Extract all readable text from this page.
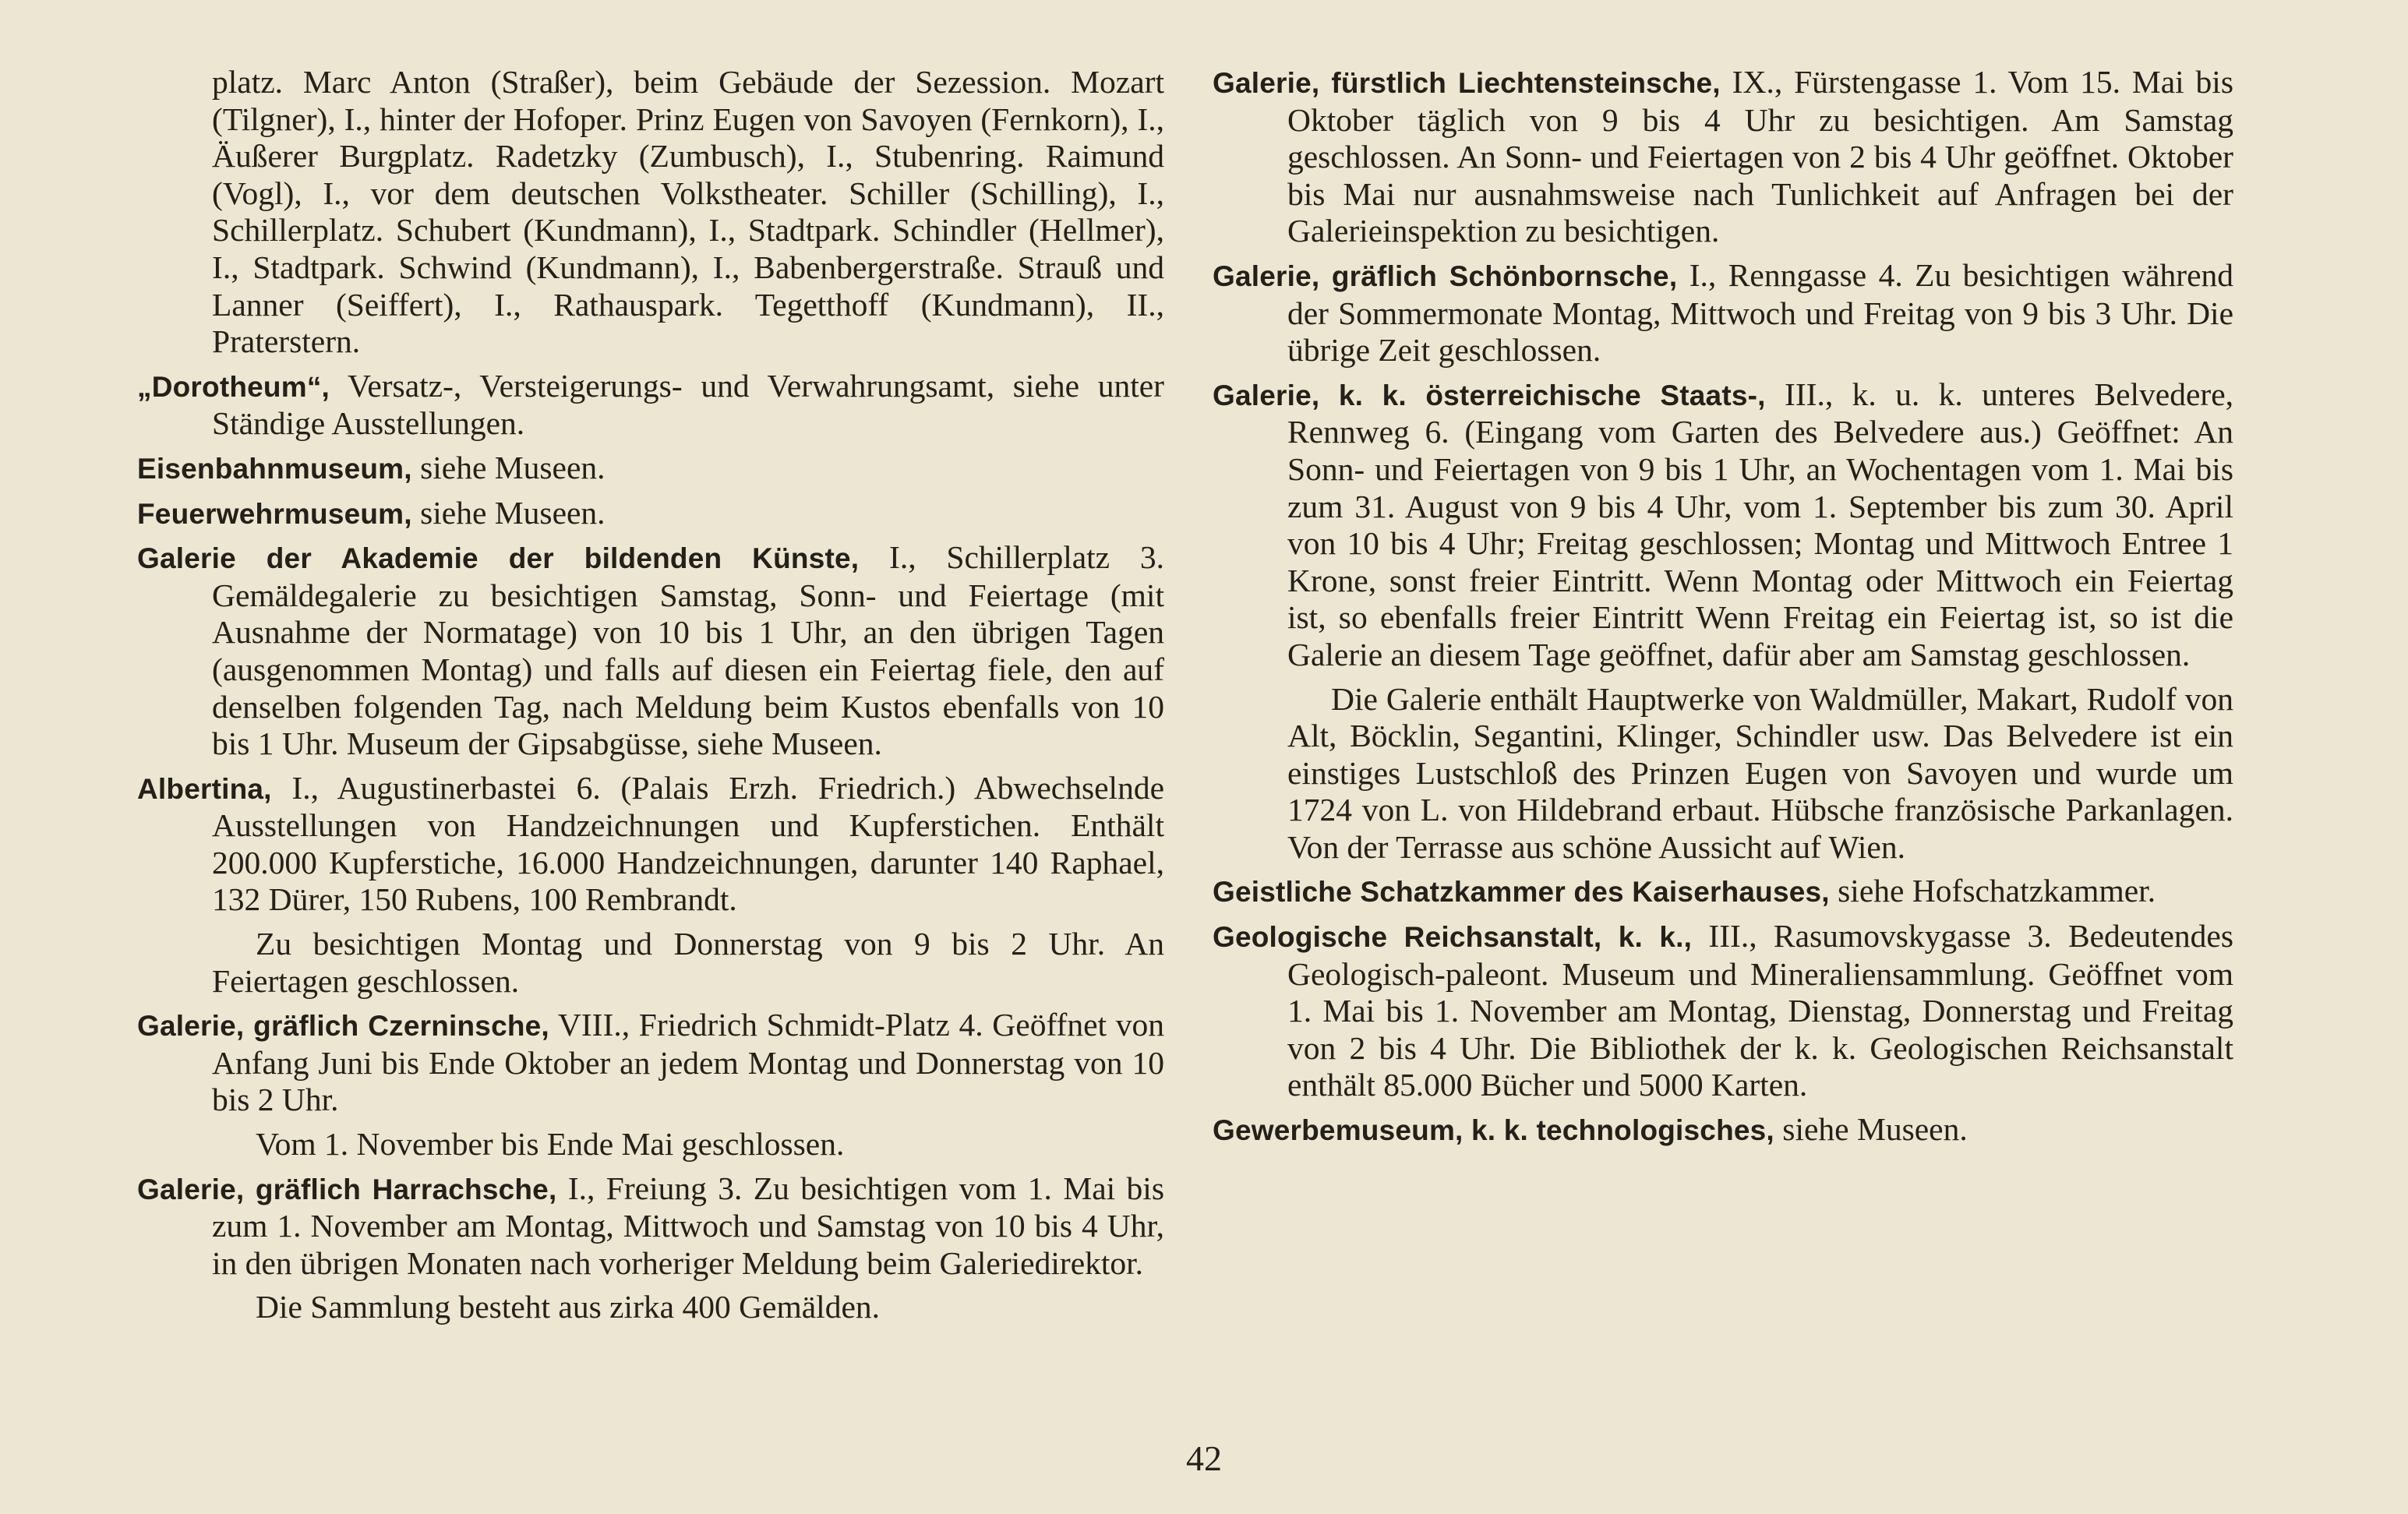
platz. Marc Anton (Straßer), beim Gebäude der Sezession. Mozart (Tilgner), I., hinter der Hofoper. Prinz Eugen von Savoyen (Fernkorn), I., Äußerer Burgplatz. Radetzky (Zumbusch), I., Stubenring. Raimund (Vogl), I., vor dem deutschen Volkstheater. Schiller (Schilling), I., Schillerplatz. Schubert (Kundmann), I., Stadtpark. Schindler (Hellmer), I., Stadtpark. Schwind (Kundmann), I., Babenbergerstraße. Strauß und Lanner (Seiffert), I., Rathauspark. Tegetthoff (Kundmann), II., Praterstern.

„Dorotheum“, Versatz-, Versteigerungs- und Verwahrungsamt, siehe unter Ständige Ausstellungen.

Eisenbahnmuseum, siehe Museen.

Feuerwehrmuseum, siehe Museen.

Galerie der Akademie der bildenden Künste, I., Schillerplatz 3. Gemäldegalerie zu besichtigen Samstag, Sonn- und Feiertage (mit Ausnahme der Normatage) von 10 bis 1 Uhr, an den übrigen Tagen (ausgenommen Montag) und falls auf diesen ein Feiertag fiele, den auf denselben folgenden Tag, nach Meldung beim Kustos ebenfalls von 10 bis 1 Uhr. Museum der Gipsabgüsse, siehe Museen.

Albertina, I., Augustinerbastei 6. (Palais Erzh. Friedrich.) Abwechselnde Ausstellungen von Handzeichnungen und Kupferstichen. Enthält 200.000 Kupferstiche, 16.000 Handzeichnungen, darunter 140 Raphael, 132 Dürer, 150 Rubens, 100 Rembrandt.

Zu besichtigen Montag und Donnerstag von 9 bis 2 Uhr. An Feiertagen geschlossen.

Galerie, gräflich Czerninsche, VIII., Friedrich Schmidt-Platz 4. Geöffnet von Anfang Juni bis Ende Oktober an jedem Montag und Donnerstag von 10 bis 2 Uhr.

Vom 1. November bis Ende Mai geschlossen.

Galerie, gräflich Harrachsche, I., Freiung 3. Zu besichtigen vom 1. Mai bis zum 1. November am Montag, Mittwoch und Samstag von 10 bis 4 Uhr, in den übrigen Monaten nach vorheriger Meldung beim Galeriedirektor.

Die Sammlung besteht aus zirka 400 Gemälden.

Galerie, fürstlich Liechtensteinsche, IX., Fürstengasse 1. Vom 15. Mai bis Oktober täglich von 9 bis 4 Uhr zu besichtigen. Am Samstag geschlossen. An Sonn- und Feiertagen von 2 bis 4 Uhr geöffnet. Oktober bis Mai nur ausnahmsweise nach Tunlichkeit auf Anfragen bei der Galerieinspektion zu besichtigen.

Galerie, gräflich Schönbornsche, I., Renngasse 4. Zu besichtigen während der Sommermonate Montag, Mittwoch und Freitag von 9 bis 3 Uhr. Die übrige Zeit geschlossen.

Galerie, k. k. österreichische Staats-, III., k. u. k. unteres Belvedere, Rennweg 6. (Eingang vom Garten des Belvedere aus.) Geöffnet: An Sonn- und Feiertagen von 9 bis 1 Uhr, an Wochentagen vom 1. Mai bis zum 31. August von 9 bis 4 Uhr, vom 1. September bis zum 30. April von 10 bis 4 Uhr; Freitag geschlossen; Montag und Mittwoch Entree 1 Krone, sonst freier Eintritt. Wenn Montag oder Mittwoch ein Feiertag ist, so ebenfalls freier Eintritt Wenn Freitag ein Feiertag ist, so ist die Galerie an diesem Tage geöffnet, dafür aber am Samstag geschlossen.

Die Galerie enthält Hauptwerke von Waldmüller, Makart, Rudolf von Alt, Böcklin, Segantini, Klinger, Schindler usw. Das Belvedere ist ein einstiges Lustschloß des Prinzen Eugen von Savoyen und wurde um 1724 von L. von Hildebrand erbaut. Hübsche französische Parkanlagen. Von der Terrasse aus schöne Aussicht auf Wien.

Geistliche Schatzkammer des Kaiserhauses, siehe Hofschatzkammer.

Geologische Reichsanstalt, k. k., III., Rasumovskygasse 3. Bedeutendes Geologisch-paleont. Museum und Mineraliensammlung. Geöffnet vom 1. Mai bis 1. November am Montag, Dienstag, Donnerstag und Freitag von 2 bis 4 Uhr. Die Bibliothek der k. k. Geologischen Reichsanstalt enthält 85.000 Bücher und 5000 Karten.

Gewerbemuseum, k. k. technologisches, siehe Museen.

42
